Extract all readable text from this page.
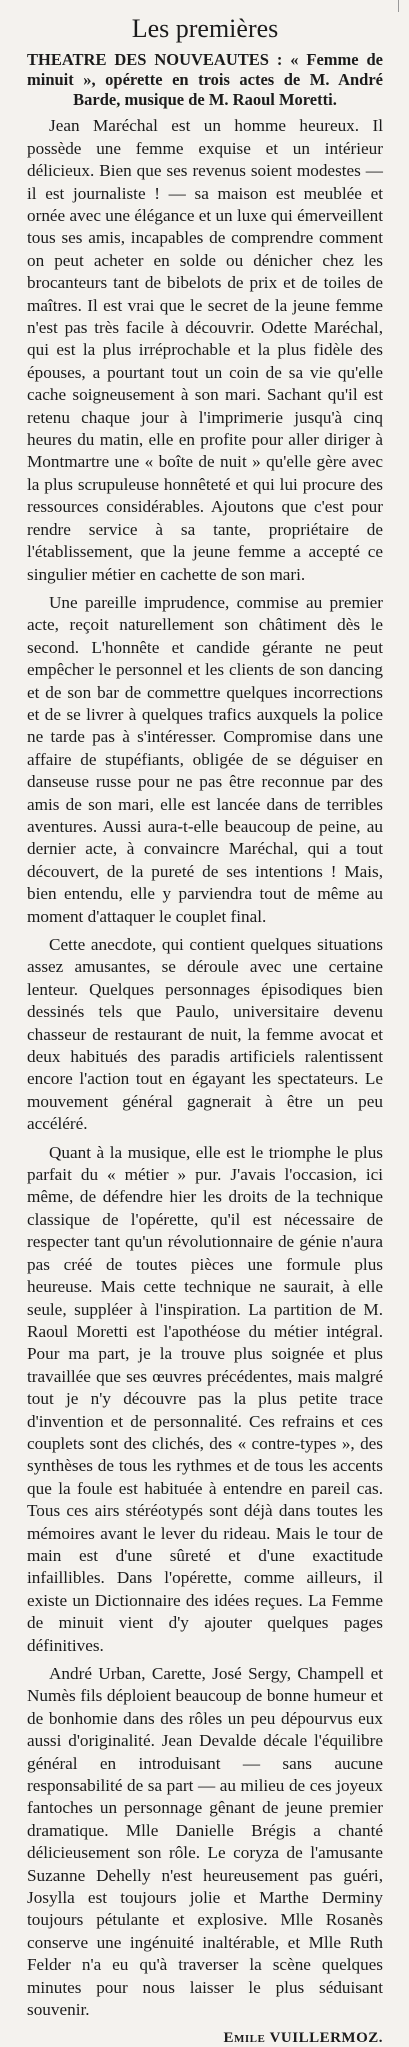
Les premières
THEATRE DES NOUVEAUTES : « Femme de minuit », opérette en trois actes de M. André Barde, musique de M. Raoul Moretti.

Jean Maréchal est un homme heureux. Il possède une femme exquise et un intérieur délicieux. Bien que ses revenus soient modestes — il est journaliste ! — sa maison est meublée et ornée avec une élégance et un luxe qui émerveillent tous ses amis, incapables de comprendre comment on peut acheter en solde ou dénicher chez les brocanteurs tant de bibelots de prix et de toiles de maîtres. Il est vrai que le secret de la jeune femme n'est pas très facile à découvrir. Odette Maréchal, qui est la plus irréprochable et la plus fidèle des épouses, a pourtant tout un coin de sa vie qu'elle cache soigneusement à son mari. Sachant qu'il est retenu chaque jour à l'imprimerie jusqu'à cinq heures du matin, elle en profite pour aller diriger à Montmartre une « boîte de nuit » qu'elle gère avec la plus scrupuleuse honnêteté et qui lui procure des ressources considérables. Ajoutons que c'est pour rendre service à sa tante, propriétaire de l'établissement, que la jeune femme a accepté ce singulier métier en cachette de son mari.

Une pareille imprudence, commise au premier acte, reçoit naturellement son châtiment dès le second. L'honnête et candide gérante ne peut empêcher le personnel et les clients de son dancing et de son bar de commettre quelques incorrections et de se livrer à quelques trafics auxquels la police ne tarde pas à s'intéresser. Compromise dans une affaire de stupéfiants, obligée de se déguiser en danseuse russe pour ne pas être reconnue par des amis de son mari, elle est lancée dans de terribles aventures. Aussi aura-t-elle beaucoup de peine, au dernier acte, à convaincre Maréchal, qui a tout découvert, de la pureté de ses intentions ! Mais, bien entendu, elle y parviendra tout de même au moment d'attaquer le couplet final.

Cette anecdote, qui contient quelques situations assez amusantes, se déroule avec une certaine lenteur. Quelques personnages épisodiques bien dessinés tels que Paulo, universitaire devenu chasseur de restaurant de nuit, la femme avocat et deux habitués des paradis artificiels ralentissent encore l'action tout en égayant les spectateurs. Le mouvement général gagnerait à être un peu accéléré.

Quant à la musique, elle est le triomphe le plus parfait du « métier » pur. J'avais l'occasion, ici même, de défendre hier les droits de la technique classique de l'opérette, qu'il est nécessaire de respecter tant qu'un révolutionnaire de génie n'aura pas créé de toutes pièces une formule plus heureuse. Mais cette technique ne saurait, à elle seule, suppléer à l'inspiration. La partition de M. Raoul Moretti est l'apothéose du métier intégral. Pour ma part, je la trouve plus soignée et plus travaillée que ses œuvres précédentes, mais malgré tout je n'y découvre pas la plus petite trace d'invention et de personnalité. Ces refrains et ces couplets sont des clichés, des « contre-types », des synthèses de tous les rythmes et de tous les accents que la foule est habituée à entendre en pareil cas. Tous ces airs stéréotypés sont déjà dans toutes les mémoires avant le lever du rideau. Mais le tour de main est d'une sûreté et d'une exactitude infaillibles. Dans l'opérette, comme ailleurs, il existe un Dictionnaire des idées reçues. La Femme de minuit vient d'y ajouter quelques pages définitives.

André Urban, Carette, José Sergy, Champell et Numès fils déploient beaucoup de bonne humeur et de bonhomie dans des rôles un peu dépourvus eux aussi d'originalité. Jean Devalde décale l'équilibre général en introduisant — sans aucune responsabilité de sa part — au milieu de ces joyeux fantoches un personnage gênant de jeune premier dramatique. Mlle Danielle Brégis a chanté délicieusement son rôle. Le coryza de l'amusante Suzanne Dehelly n'est heureusement pas guéri, Josylla est toujours jolie et Marthe Derminy toujours pétulante et explosive. Mlle Rosanès conserve une ingénuité inaltérable, et Mlle Ruth Felder n'a eu qu'à traverser la scène quelques minutes pour nous laisser le plus séduisant souvenir.

Emile VUILLERMOZ.
